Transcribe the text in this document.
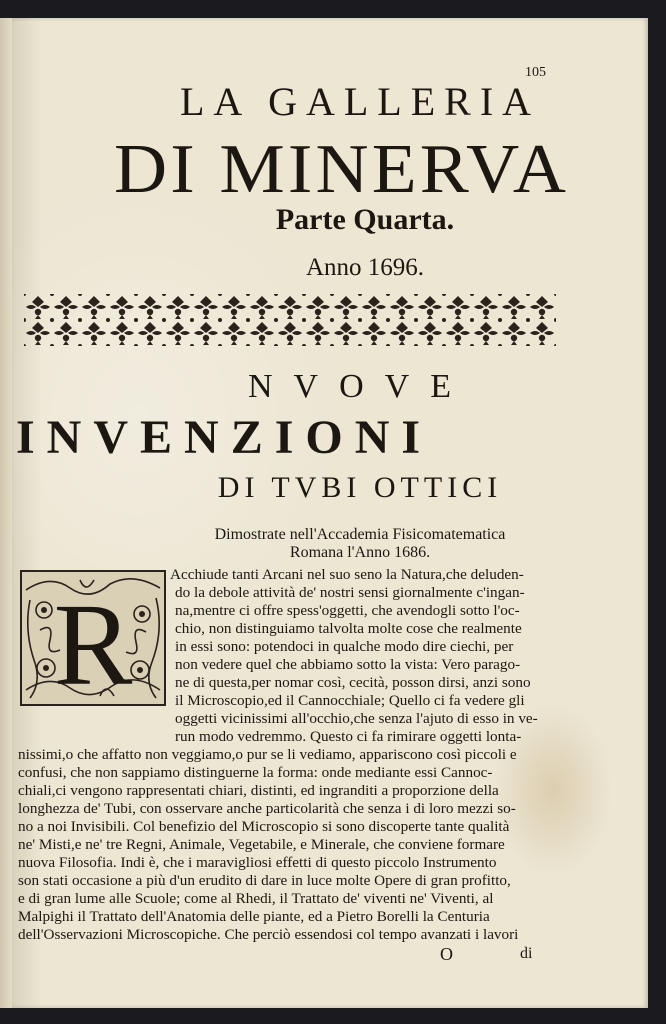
105
LA GALLERIA
DI MINERVA
Parte Quarta.
Anno 1696.
NVOVE
INVENZIONI
DI TVBI OTTICI
Dimostrate nell'Accademia Fisicomatematica
Romana l'Anno 1686.
R
Acchiude tanti Arcani nel suo seno la Natura,che deluden-
do la debole attività de' nostri sensi giornalmente c'ingan-
na,mentre ci offre spess'oggetti, che avendogli sotto l'oc-
chio, non distinguiamo talvolta molte cose che realmente
in essi sono: potendoci in qualche modo dire ciechi, per
non vedere quel che abbiamo sotto la vista: Vero parago-
ne di questa,per nomar così, cecità, posson dirsi, anzi sono
il Microscopio,ed il Cannocchiale; Quello ci fa vedere gli
oggetti vicinissimi all'occhio,che senza l'ajuto di esso in ve-
run modo vedremmo. Questo ci fa rimirare oggetti lonta-
nissimi,o che affatto non veggiamo,o pur se li vediamo, appariscono così piccoli e
confusi, che non sappiamo distinguerne la forma: onde mediante essi Cannoc-
chiali,ci vengono rappresentati chiari, distinti, ed ingranditi a proporzione della
longhezza de' Tubi, con osservare anche particolarità che senza i di loro mezzi so-
no a noi Invisibili. Col benefizio del Microscopio si sono discoperte tante qualità
ne' Misti,e ne' tre Regni, Animale, Vegetabile, e Minerale, che conviene formare
nuova Filosofia. Indi è, che i maravigliosi effetti di questo piccolo Instrumento
son stati occasione a più d'un erudito di dare in luce molte Opere di gran profitto,
e di gran lume alle Scuole; come al Rhedi, il Trattato de' viventi ne' Viventi, al
Malpighi il Trattato dell'Anatomia delle piante, ed a Pietro Borelli la Centuria
dell'Osservazioni Microscopiche. Che perciò essendosi col tempo avanzati i lavori
O	di
